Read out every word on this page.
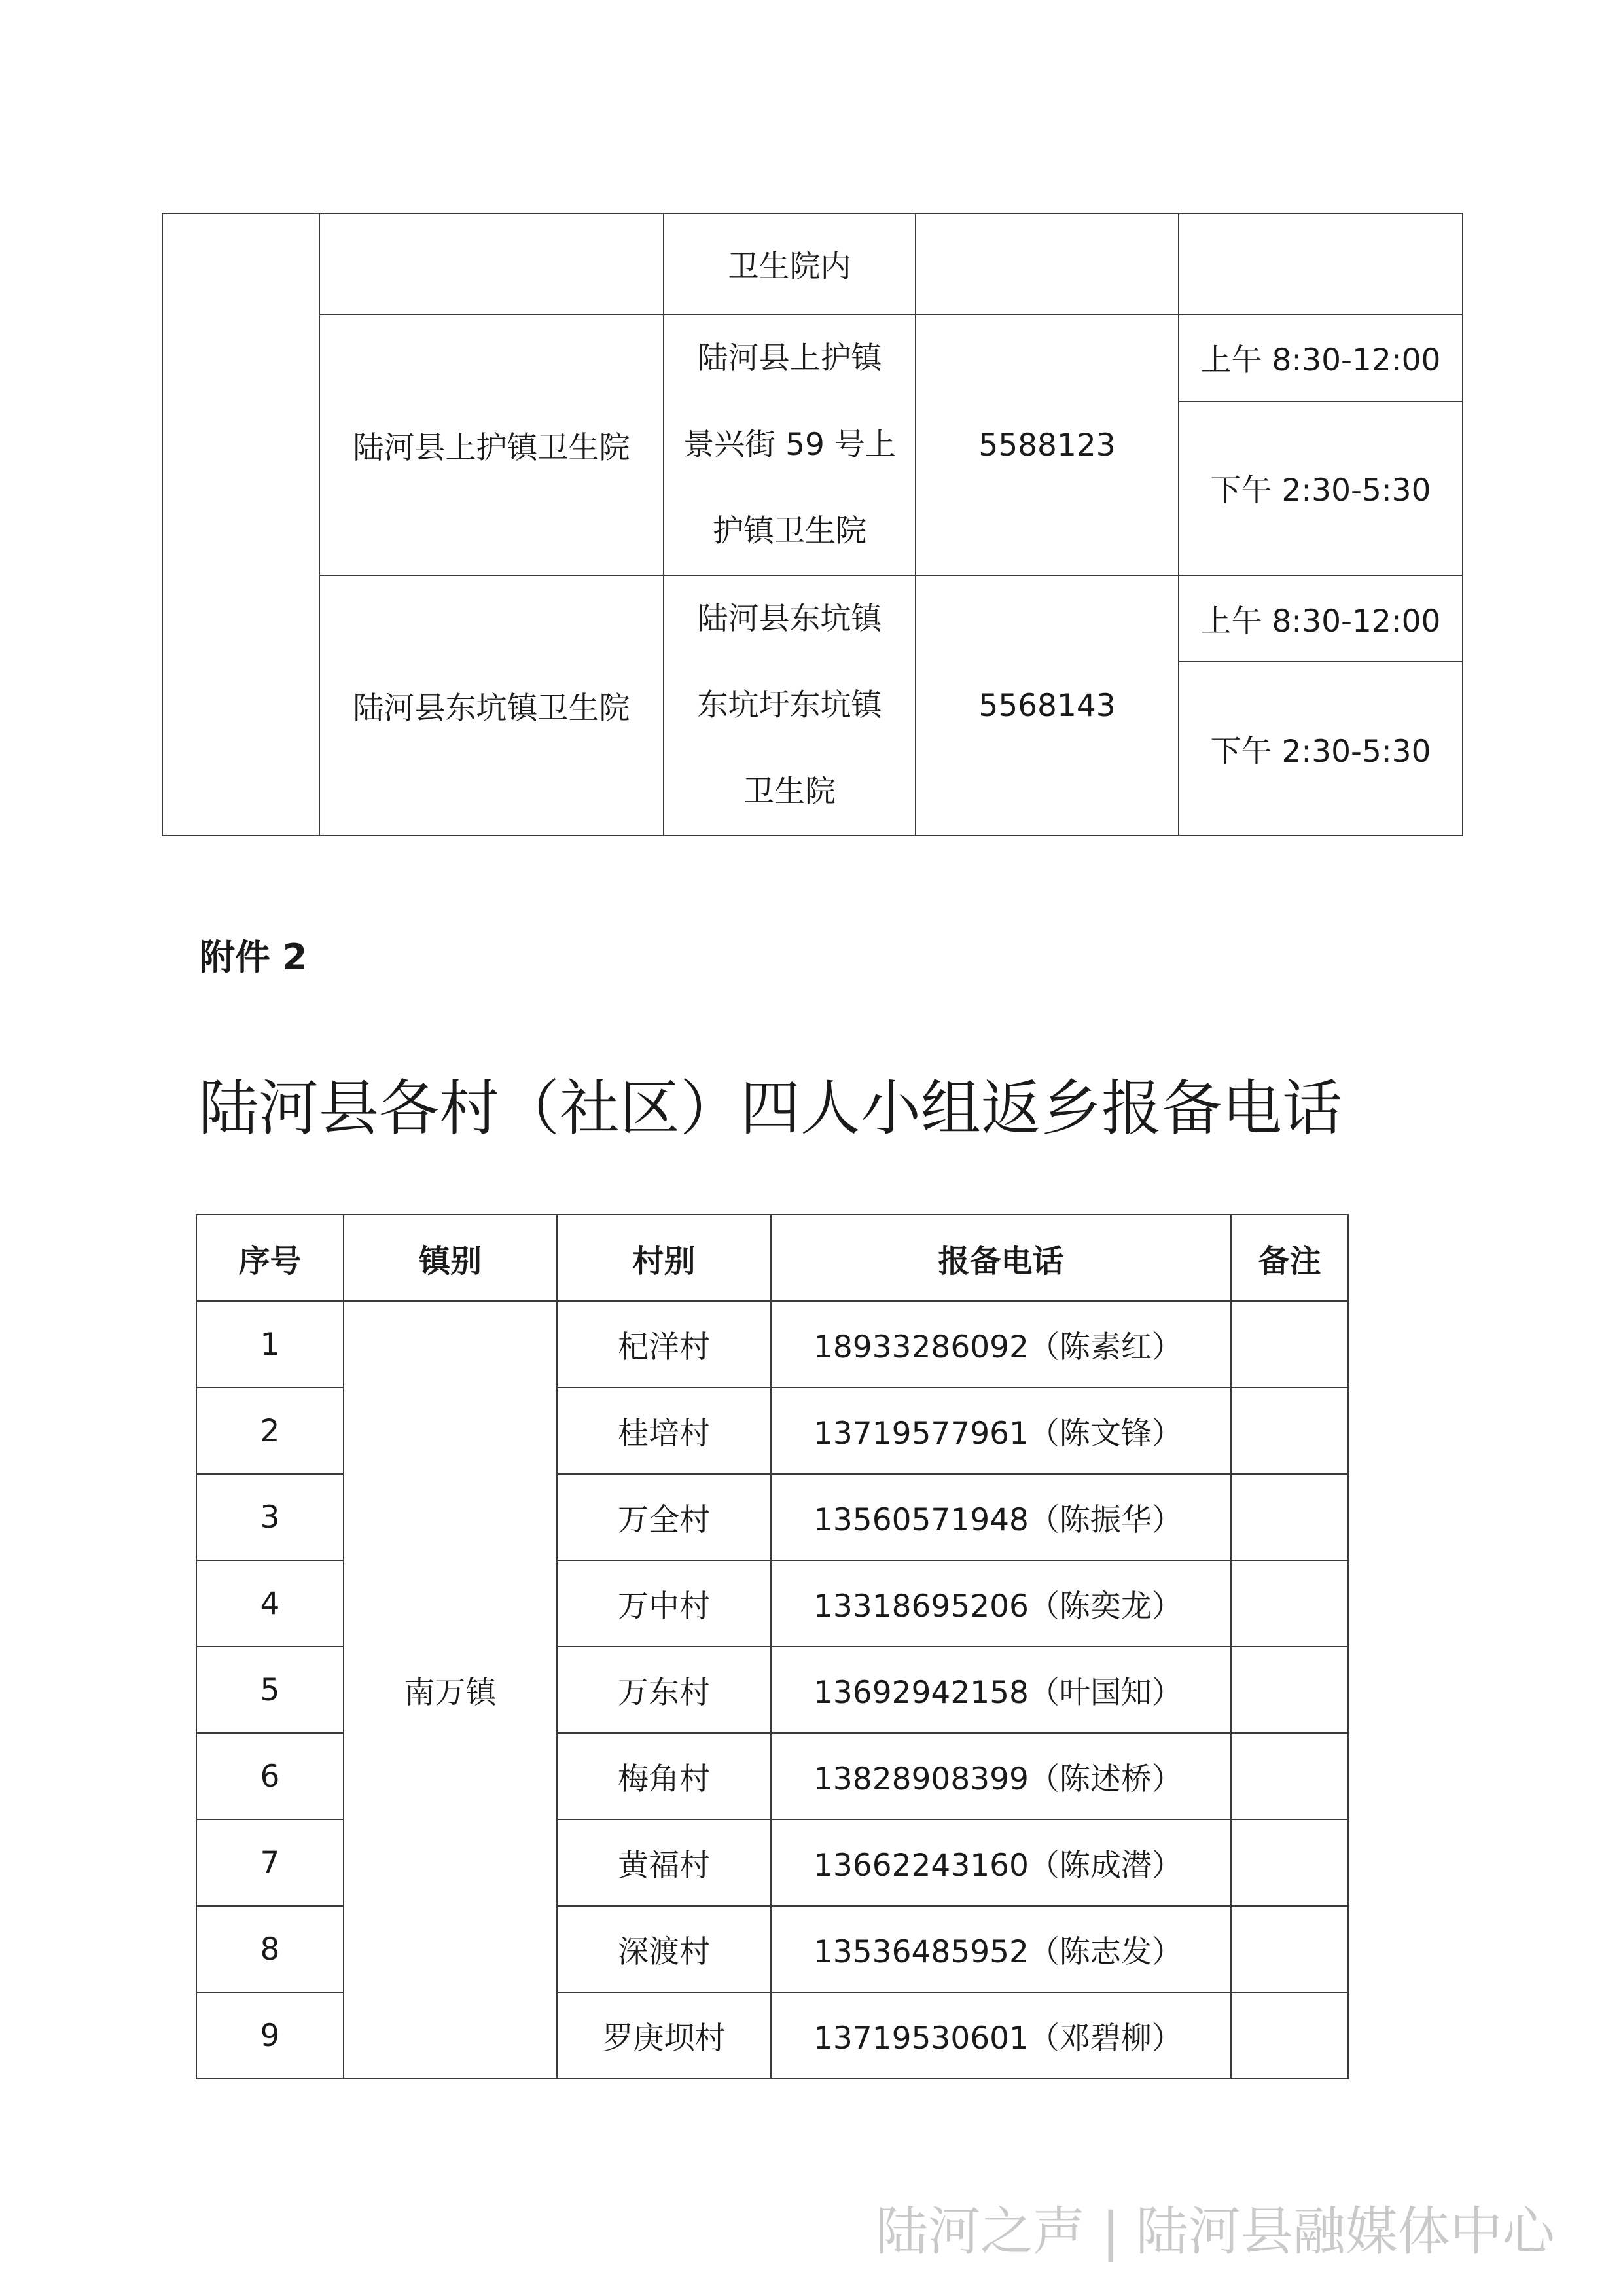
		卫生院内		
	陆河县上护镇卫生院	陆河县上护镇
景兴街 59 号上
护镇卫生院	5588123	上午 8:30-12:00
				下午 2:30-5:30
	陆河县东坑镇卫生院	陆河县东坑镇
东坑圩东坑镇
卫生院	5568143	上午 8:30-12:00
				下午 2:30-5:30
附件 2
陆河县各村（社区）四人小组返乡报备电话
序号	镇别	村别	报备电话	备注
1	南万镇	杞洋村	18933286092（陈素红）	
2		桂培村	13719577961（陈文锋）	
3		万全村	13560571948（陈振华）	
4		万中村	13318695206（陈奕龙）	
5		万东村	13692942158（叶国知）	
6		梅角村	13828908399（陈述桥）	
7		黄福村	13662243160（陈成潜）	
8		深渡村	13536485952（陈志发）	
9		罗庚坝村	13719530601（邓碧柳）	
陆河之声 | 陆河县融媒体中心
